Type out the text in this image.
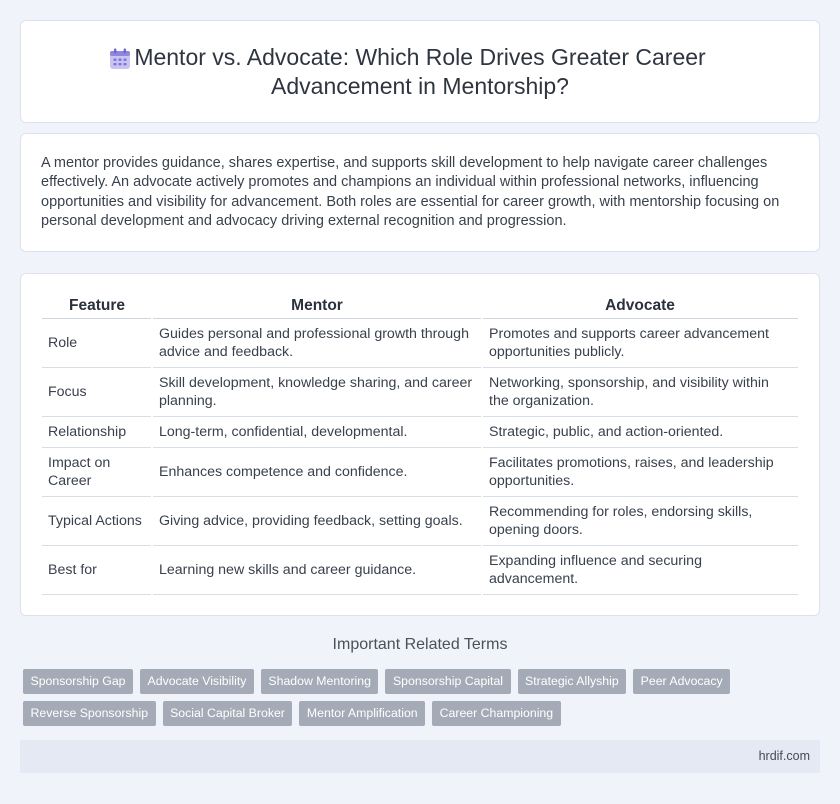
Mentor vs. Advocate: Which Role Drives Greater Career Advancement in Mentorship?

A mentor provides guidance, shares expertise, and supports skill development to help navigate career challenges effectively. An advocate actively promotes and champions an individual within professional networks, influencing opportunities and visibility for advancement. Both roles are essential for career growth, with mentorship focusing on personal development and advocacy driving external recognition and progression.

Feature	Mentor	Advocate
Role	Guides personal and professional growth through advice and feedback.	Promotes and supports career advancement opportunities publicly.
Focus	Skill development, knowledge sharing, and career planning.	Networking, sponsorship, and visibility within the organization.
Relationship	Long-term, confidential, developmental.	Strategic, public, and action-oriented.
Impact on Career	Enhances competence and confidence.	Facilitates promotions, raises, and leadership opportunities.
Typical Actions	Giving advice, providing feedback, setting goals.	Recommending for roles, endorsing skills, opening doors.
Best for	Learning new skills and career guidance.	Expanding influence and securing advancement.
Important Related Terms
Sponsorship Gap	Advocate Visibility	Shadow Mentoring	Sponsorship Capital	Strategic Allyship	Peer Advocacy
Reverse Sponsorship	Social Capital Broker	Mentor Amplification	Career Championing
hrdif.com
